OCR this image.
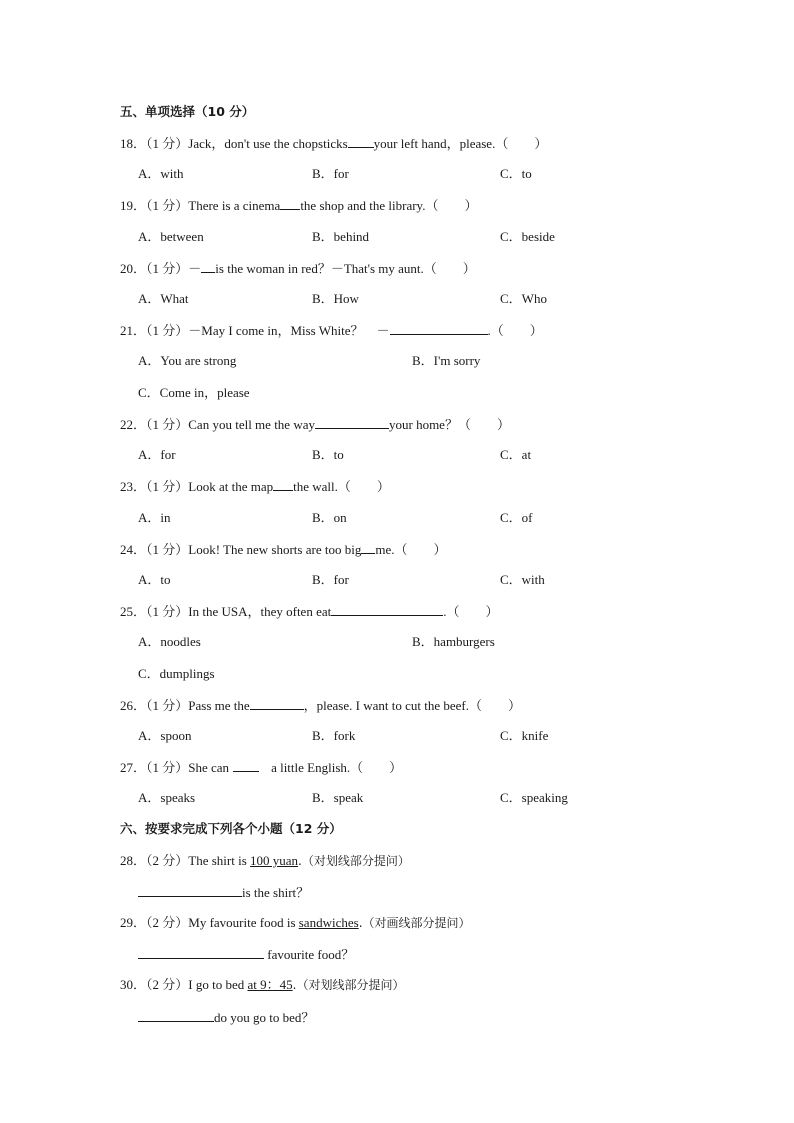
五、单项选择（10 分）
18．（1 分）Jack，don't use the chopsticks your left hand，please.（ ）
A．with	B．for	C．to
19．（1 分）There is a cinema the shop and the library.（ ）
A．between	B．behind	C．beside
20．（1 分）－ is the woman in red？－That's my aunt.（ ）
A．What	B．How	C．Who
21．（1 分）－May I come in，Miss White？　－	.（ ）
A．You are strong	B．I'm sorry
C．Come in，please
22．（1 分）Can you tell me the way	your home？（ ）
A．for	B．to	C．at
23．（1 分）Look at the map the wall.（ ）
A．in	B．on	C．of
24．（1 分）Look! The new shorts are too big me.（ ）
A．to	B．for	C．with
25．（1 分）In the USA，they often eat	.（ ）
A．noodles	B．hamburgers
C．dumplings
26．（1 分）Pass me the	，please. I want to cut the beef.（ ）
A．spoon	B．fork	C．knife
27．（1 分）She can	a little English.（ ）
A．speaks	B．speak	C．speaking
六、按要求完成下列各个小题（12 分）
28．（2 分）The shirt is 100 yuan.（对划线部分提问）
is the shirt？
29．（2 分）My favourite food is sandwiches.（对画线部分提问）
favourite food？
30．（2 分）I go to bed at 9：45.（对划线部分提问）
do you go to bed？
